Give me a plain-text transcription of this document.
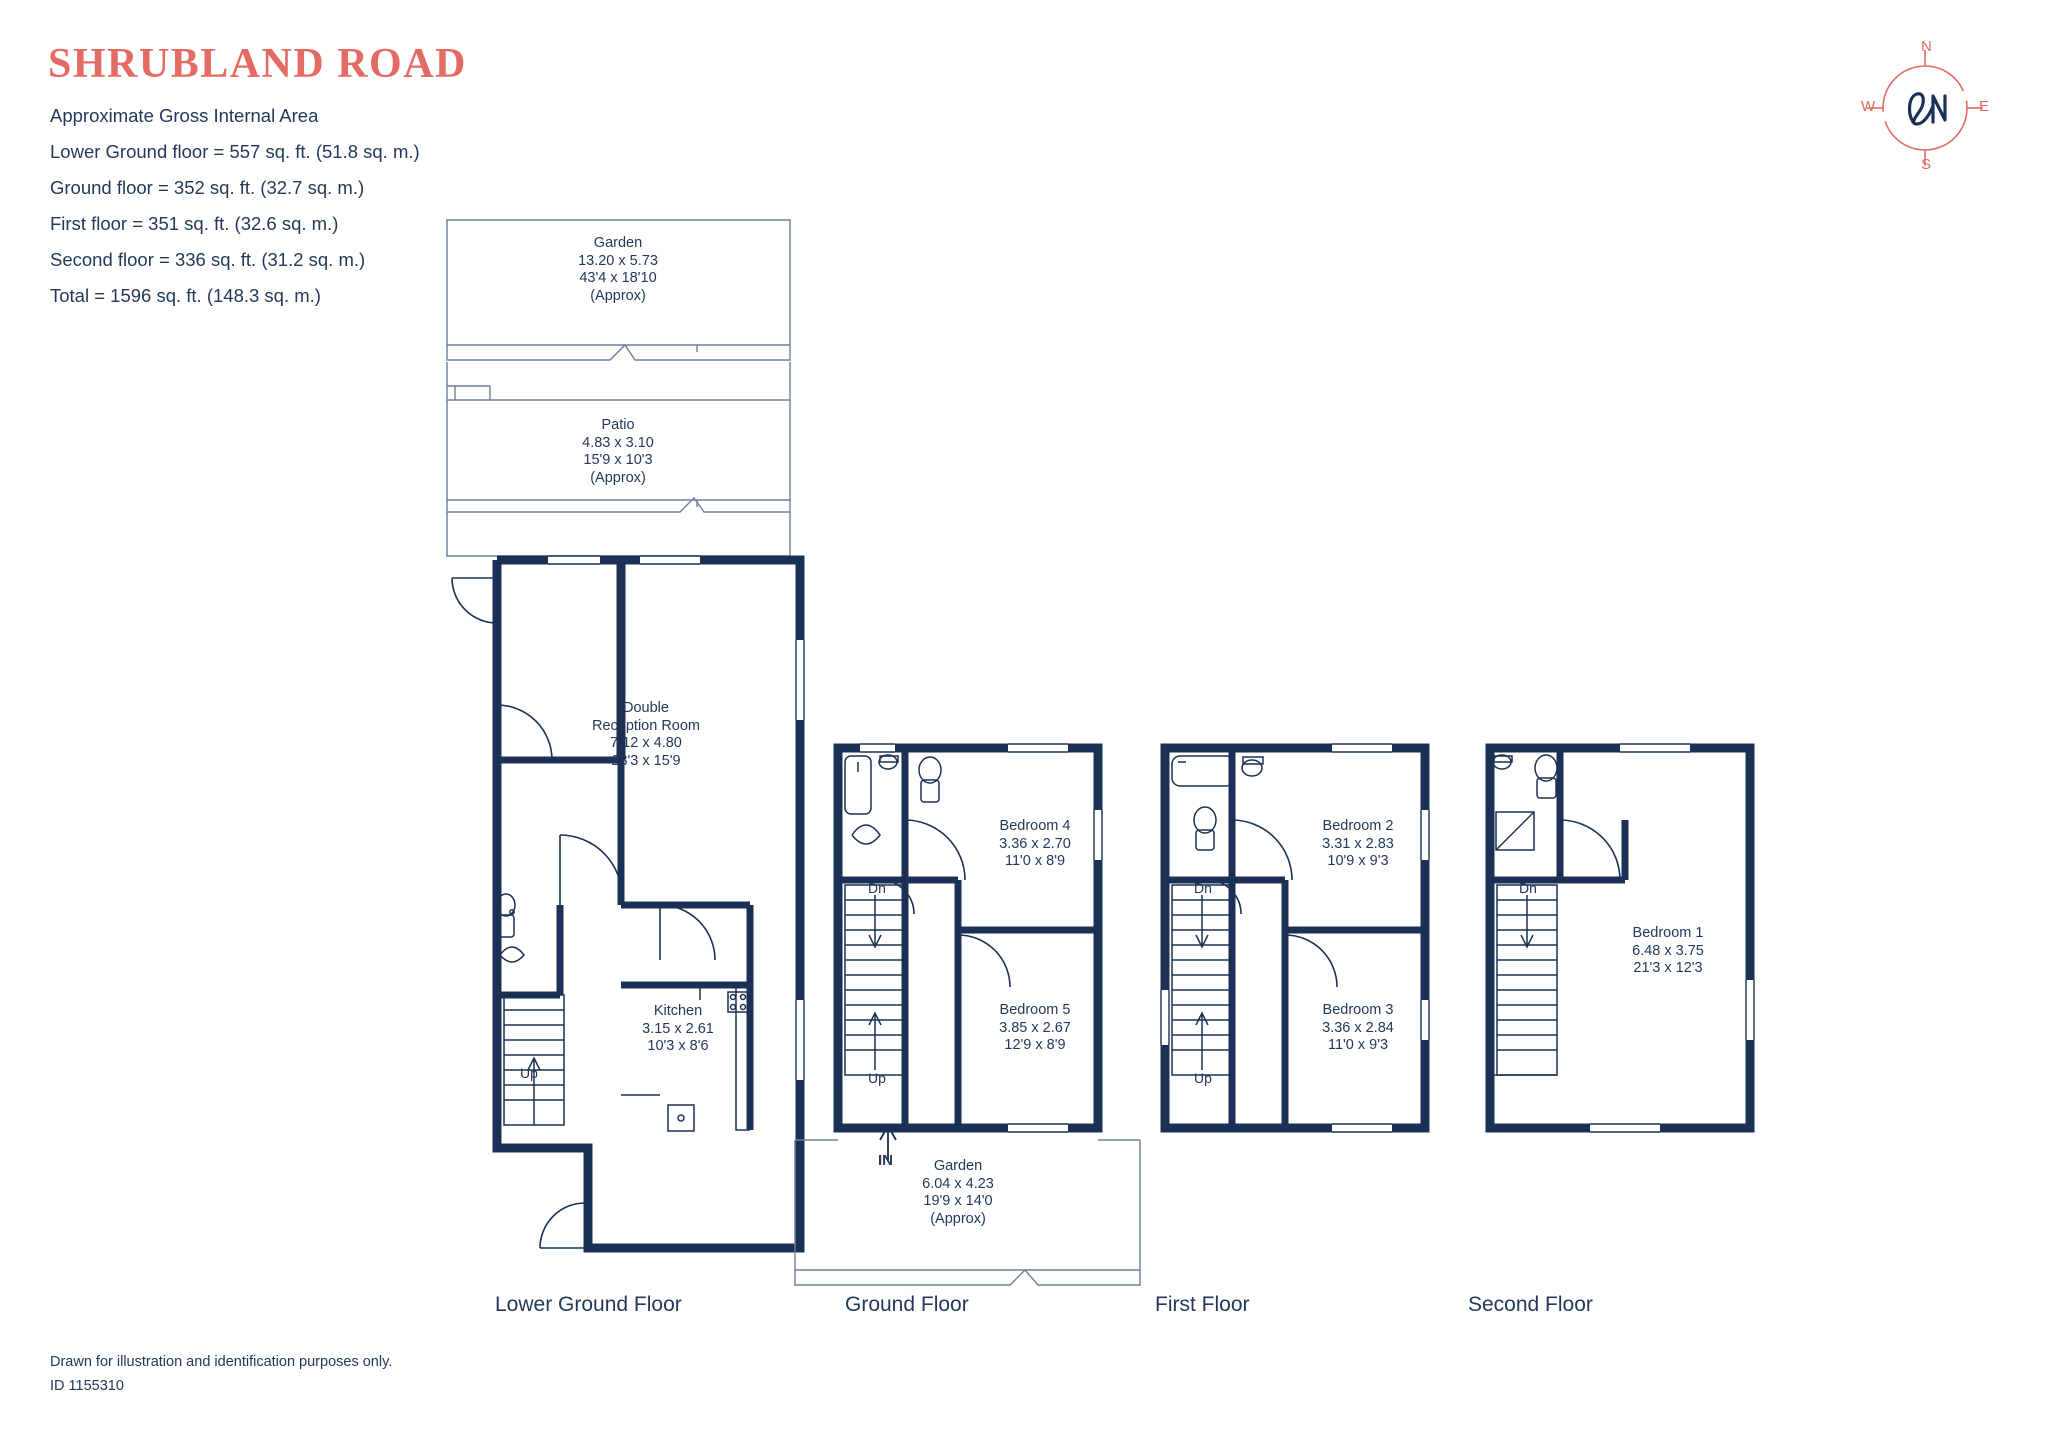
SHRUBLAND ROAD
Approximate Gross Internal Area
Lower Ground floor = 557 sq. ft. (51.8 sq. m.)
Ground floor = 352 sq. ft. (32.7 sq. m.)
First floor = 351 sq. ft. (32.6 sq. m.)
Second floor = 336 sq. ft. (31.2 sq. m.)
Total = 1596 sq. ft. (148.3 sq. m.)
N
S
E
W
Garden
13.20 x 5.73
43'4 x 18'10
(Approx)
Patio
4.83 x 3.10
15'9 x 10'3
(Approx)
Double
Reception Room
7.12 x 4.80
23'3 x 15'9
Kitchen
3.15 x 2.61
10'3 x 8'6
Up
Bedroom 4
3.36 x 2.70
11'0 x 8'9
Bedroom 5
3.85 x 2.67
12'9 x 8'9
Dn
Up
IN	Garden
6.04 x 4.23
19'9 x 14'0
(Approx)
Bedroom 2
3.31 x 2.83
10'9 x 9'3
Bedroom 3
3.36 x 2.84
11'0 x 9'3
Dn
Up
Bedroom 1
6.48 x 3.75
21'3 x 12'3
Dn
Lower Ground Floor	Ground Floor	First Floor	Second Floor
Drawn for illustration and identification purposes only.
ID 1155310
